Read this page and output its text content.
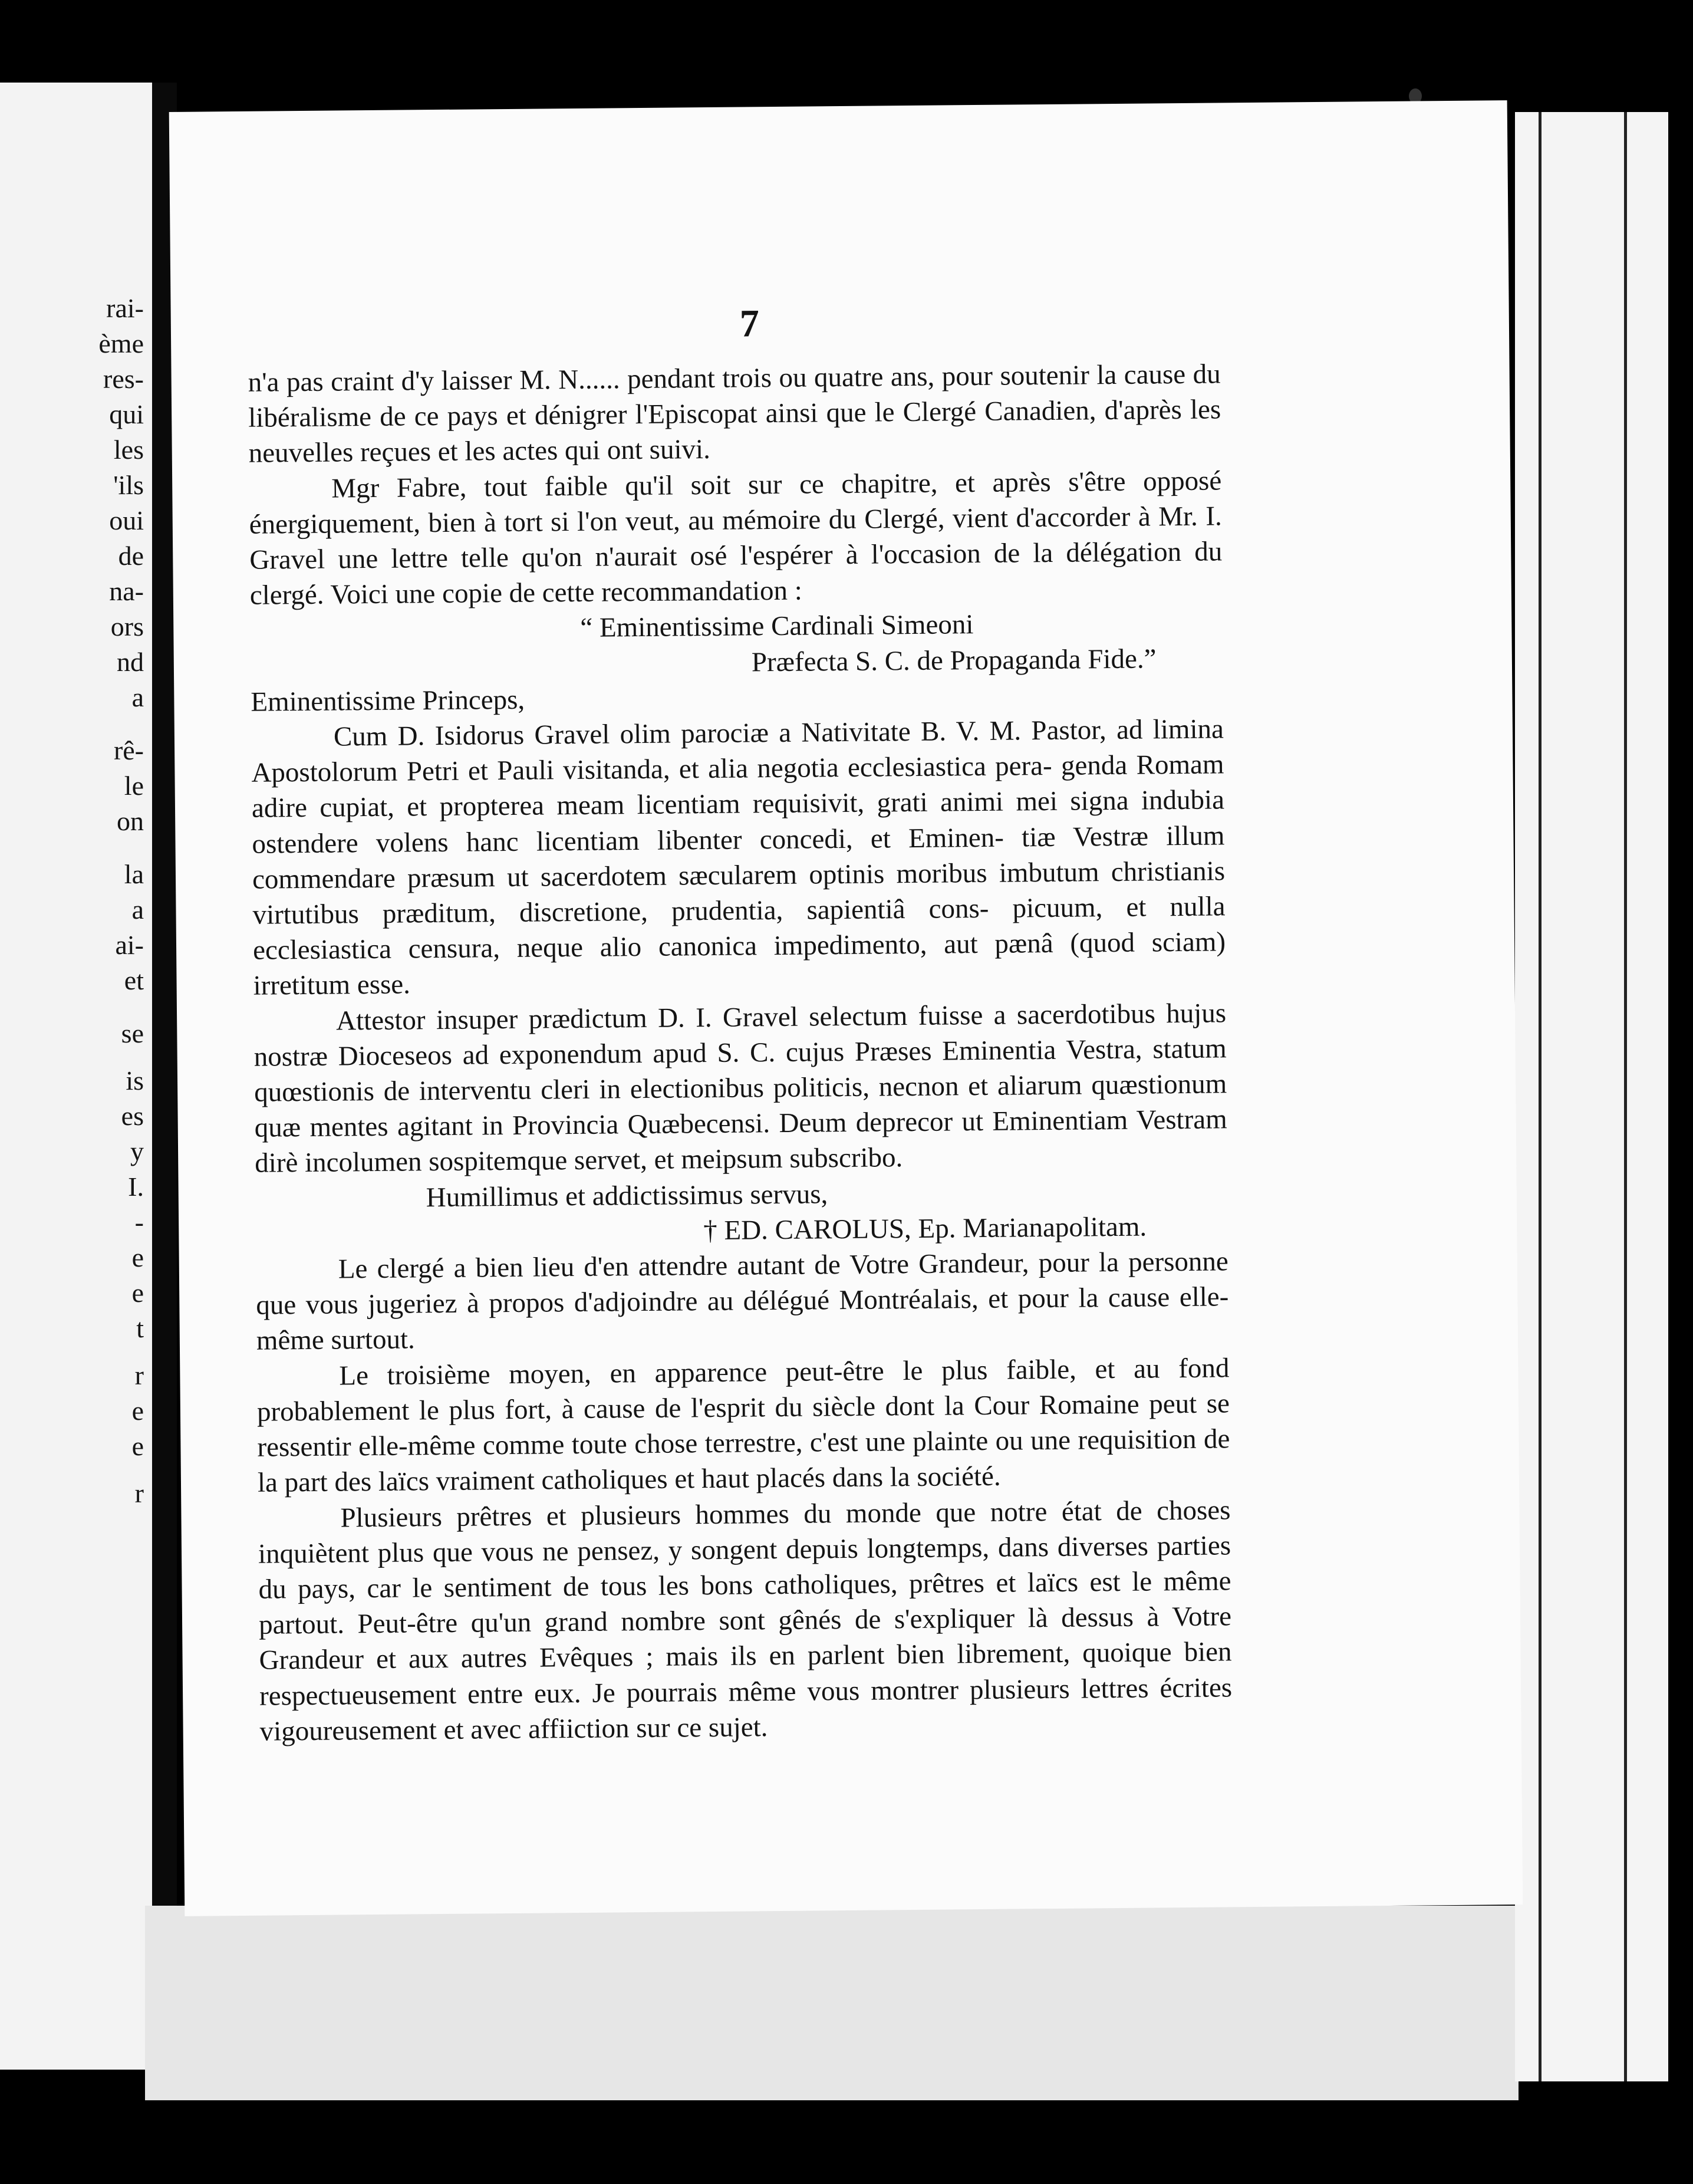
rai-
ème
res-
qui
les
'ils
oui
de
na-
ors
nd
a
rê-
le
on
la
a
ai-
et
se
is
es
y
I.
-
e
e
t
r
e
e
r
7

n'a pas craint d'y laisser M. N...... pendant trois ou quatre ans, pour soutenir la cause du libéralisme de ce pays et dénigrer l'Episcopat ainsi que le Clergé Canadien, d'après les neuvelles reçues et les actes qui ont suivi.

Mgr Fabre, tout faible qu'il soit sur ce chapitre, et après s'être opposé énergiquement, bien à tort si l'on veut, au mémoire du Clergé, vient d'accorder à Mr. I. Gravel une lettre telle qu'on n'aurait osé l'espérer à l'occasion de la délégation du clergé. Voici une copie de cette recommandation :

“ Eminentissime Cardinali Simeoni

Præfecta S. C. de Propaganda Fide.”

Eminentissime Princeps,

Cum D. Isidorus Gravel olim parociæ a Nativitate B. V. M. Pastor, ad limina Apostolorum Petri et Pauli visitanda, et alia negotia ecclesiastica pera- genda Romam adire cupiat, et propterea meam licentiam requisivit, grati animi mei signa indubia ostendere volens hanc licentiam libenter concedi, et Eminen- tiæ Vestræ illum commendare præsum ut sacerdotem sæcularem optinis moribus imbutum christianis virtutibus præditum, discretione, prudentia, sapientiâ cons- picuum, et nulla ecclesiastica censura, neque alio canonica impedimento, aut pænâ (quod sciam) irretitum esse.

Attestor insuper prædictum D. I. Gravel selectum fuisse a sacerdotibus hujus nostræ Dioceseos ad exponendum apud S. C. cujus Præses Eminentia Vestra, statum quœstionis de interventu cleri in electionibus politicis, necnon et aliarum quæstionum quæ mentes agitant in Provincia Quæbecensi. Deum deprecor ut Eminentiam Vestram dirè incolumen sospitemque servet, et meipsum subscribo.

Humillimus et addictissimus servus,

† ED. CAROLUS, Ep. Marianapolitam.

Le clergé a bien lieu d'en attendre autant de Votre Grandeur, pour la personne que vous jugeriez à propos d'adjoindre au délégué Montréalais, et pour la cause elle-même surtout.

Le troisième moyen, en apparence peut-être le plus faible, et au fond probablement le plus fort, à cause de l'esprit du siècle dont la Cour Romaine peut se ressentir elle-même comme toute chose terrestre, c'est une plainte ou une requisition de la part des laïcs vraiment catholiques et haut placés dans la société.

Plusieurs prêtres et plusieurs hommes du monde que notre état de choses inquiètent plus que vous ne pensez, y songent depuis longtemps, dans diverses parties du pays, car le sentiment de tous les bons catholiques, prêtres et laïcs est le même partout. Peut-être qu'un grand nombre sont gênés de s'expliquer là dessus à Votre Grandeur et aux autres Evêques ; mais ils en parlent bien librement, quoique bien respectueusement entre eux. Je pourrais même vous montrer plusieurs lettres écrites vigoureusement et avec affiiction sur ce sujet.
